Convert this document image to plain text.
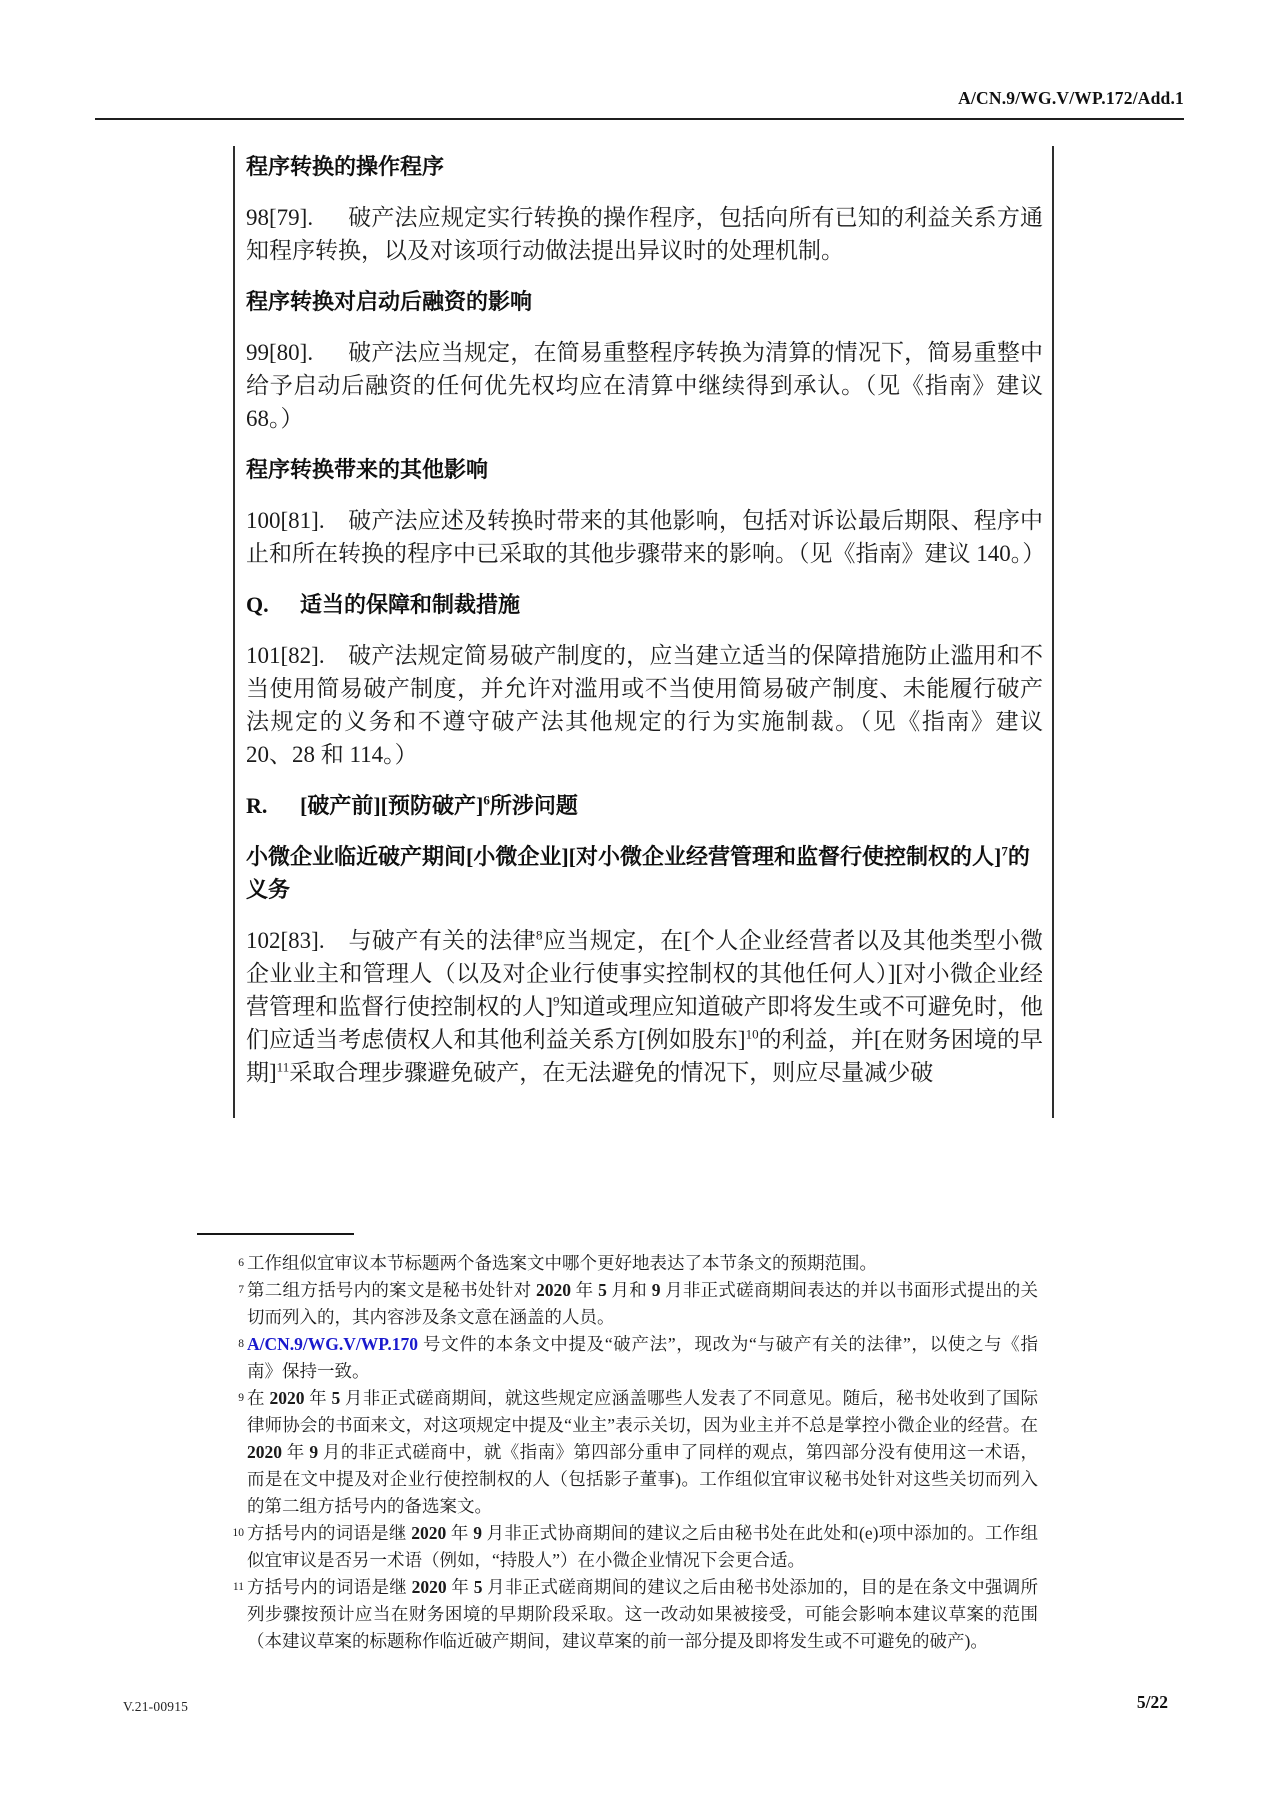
A/CN.9/WG.V/WP.172/Add.1
程序转换的操作程序
98[79]. 破产法应规定实行转换的操作程序，包括向所有已知的利益关系方通知程序转换，以及对该项行动做法提出异议时的处理机制。
程序转换对启动后融资的影响
99[80]. 破产法应当规定，在简易重整程序转换为清算的情况下，简易重整中给予启动后融资的任何优先权均应在清算中继续得到承认。（见《指南》建议 68。）
程序转换带来的其他影响
100[81]. 破产法应述及转换时带来的其他影响，包括对诉讼最后期限、程序中止和所在转换的程序中已采取的其他步骤带来的影响。（见《指南》建议 140。）
Q. 适当的保障和制裁措施
101[82]. 破产法规定简易破产制度的，应当建立适当的保障措施防止滥用和不当使用简易破产制度，并允许对滥用或不当使用简易破产制度、未能履行破产法规定的义务和不遵守破产法其他规定的行为实施制裁。（见《指南》建议 20、28 和 114。）
R. [破产前][预防破产]$^6$所涉问题
小微企业临近破产期间[小微企业][对小微企业经营管理和监督行使控制权的人]$^7$的义务
102[83]. 与破产有关的法律$^8$应当规定，在[个人企业经营者以及其他类型小微企业业主和管理人（以及对企业行使事实控制权的其他任何人）][对小微企业经营管理和监督行使控制权的人]$^9$知道或理应知道破产即将发生或不可避免时，他们应适当考虑债权人和其他利益关系方[例如股东]$^{10}$的利益，并[在财务困境的早期]$^{11}$采取合理步骤避免破产，在无法避免的情况下，则应尽量减少破
6 工作组似宜审议本节标题两个备选案文中哪个更好地表达了本节条文的预期范围。
7 第二组方括号内的案文是秘书处针对 2020 年 5 月和 9 月非正式磋商期间表达的并以书面形式提出的关切而列入的，其内容涉及条文意在涵盖的人员。
8 A/CN.9/WG.V/WP.170 号文件的本条文中提及“破产法”，现改为“与破产有关的法律”，以使之与《指南》保持一致。
9 在 2020 年 5 月非正式磋商期间，就这些规定应涵盖哪些人发表了不同意见。随后，秘书处收到了国际律师协会的书面来文，对这项规定中提及“业主”表示关切，因为业主并不总是掌控小微企业的经营。在 2020 年 9 月的非正式磋商中，就《指南》第四部分重申了同样的观点，第四部分没有使用这一术语，而是在文中提及对企业行使控制权的人（包括影子董事)。工作组似宜审议秘书处针对这些关切而列入的第二组方括号内的备选案文。
10 方括号内的词语是继 2020 年 9 月非正式协商期间的建议之后由秘书处在此处和(e)项中添加的。工作组似宜审议是否另一术语（例如，“持股人”）在小微企业情况下会更合适。
11 方括号内的词语是继 2020 年 5 月非正式磋商期间的建议之后由秘书处添加的，目的是在条文中强调所列步骤按预计应当在财务困境的早期阶段采取。这一改动如果被接受，可能会影响本建议草案的范围（本建议草案的标题称作临近破产期间，建议草案的前一部分提及即将发生或不可避免的破产)。
V.21-00915	5/22
